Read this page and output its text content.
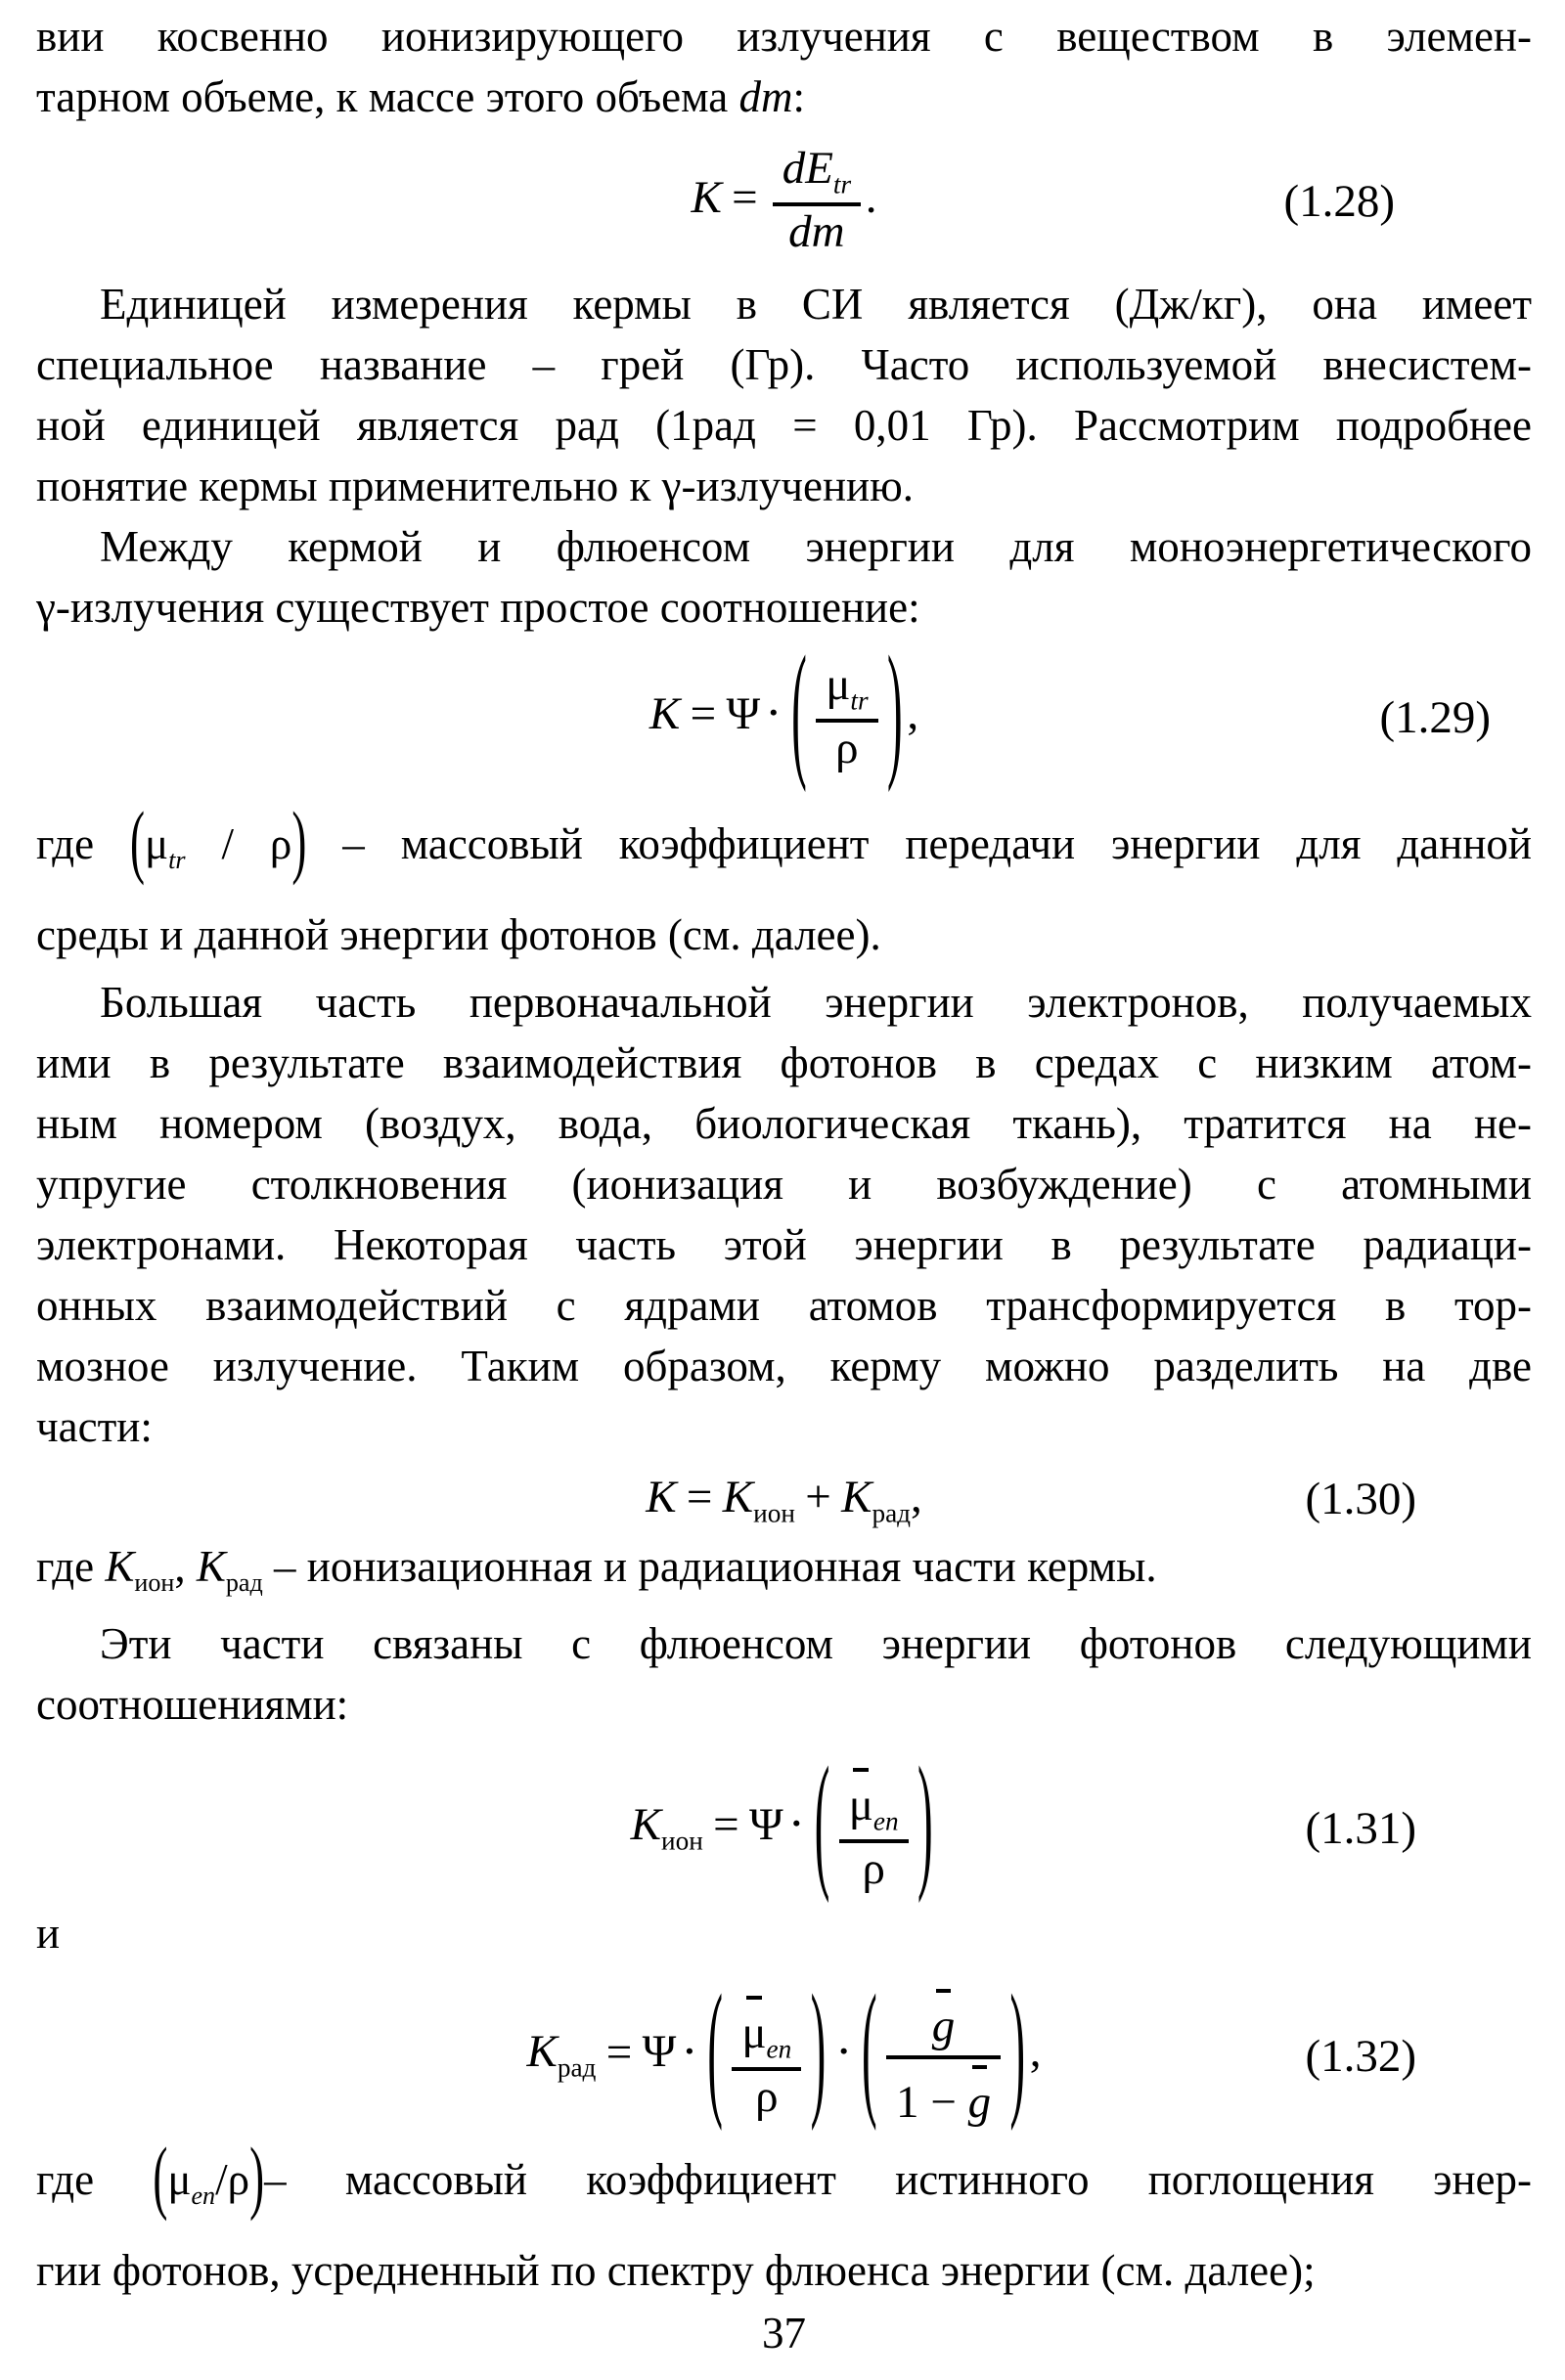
вии косвенно ионизирующего излучения с веществом в элемен-
тарном объеме, к массе этого объема dm:
$K = \frac{dE_{tr}}{dm}$ .	(1.28)
Единицей измерения кермы в СИ является (Дж/кг), она имеет
специальное название – грей (Гр). Часто используемой внесистем-
ной единицей является рад (1рад = 0,01 Гр). Рассмотрим подробнее
понятие кермы применительно к γ-излучению.
Между кермой и флюенсом энергии для моноэнергетического
γ-излучения существует простое соотношение:
K = Ψ ⋅ ( $\frac{\mu_{tr}}{\rho}$ ),	(1.29)
где $(\mu_{tr} / \rho)$ – массовый коэффициент передачи энергии для данной
среды и данной энергии фотонов (см. далее).
Большая часть первоначальной энергии электронов, получаемых
ими в результате взаимодействия фотонов в средах с низким атом-
ным номером (воздух, вода, биологическая ткань), тратится на не-
упругие столкновения (ионизация и возбуждение) с атомными
электронами. Некоторая часть этой энергии в результате радиаци-
онных взаимодействий с ядрами атомов трансформируется в тор-
мозное излучение. Таким образом, керму можно разделить на две
части:
$K = K_{ион} + K_{рад}$,	(1.30)
где $K_{ион}$, $K_{рад}$ – ионизационная и радиационная части кермы.
Эти части связаны с флюенсом энергии фотонов следующими
соотношениями:
$K_{ион} = \Psi$ ⋅ ( $\frac{\mu_{en}}{\rho}$ )	(1.31)
и
$K_{рад} = \Psi$ ⋅ ( $\frac{\mu_{en}}{\rho}$ ) ⋅ ( $\frac{g}{1 - g}$ ),	(1.32)
где $(\mu_{en}/\rho)-$ массовый коэффициент истинного поглощения энер-
гии фотонов, усредненный по спектру флюенса энергии (см. далее);
37
